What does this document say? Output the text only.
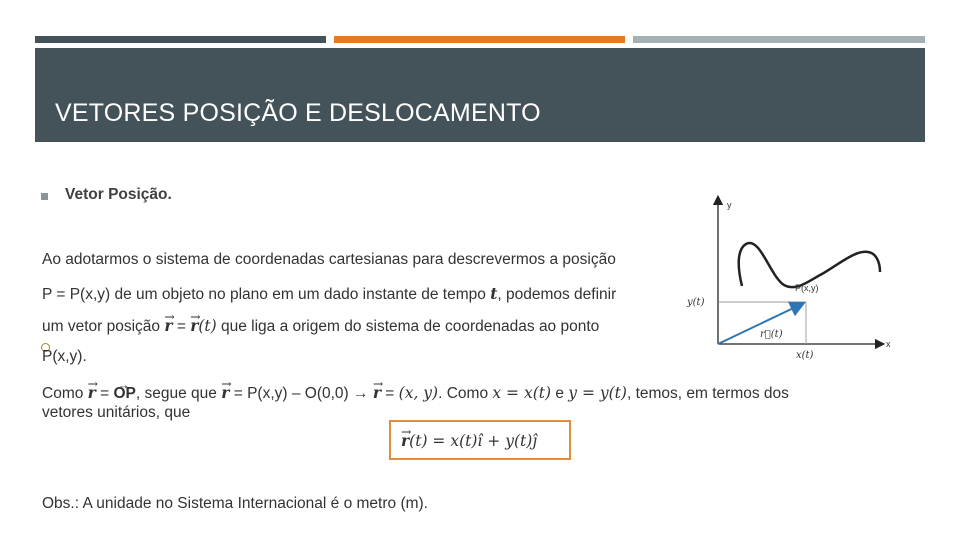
VETORES POSIÇÃO E DESLOCAMENTO
Vetor Posição.
Ao adotarmos o sistema de coordenadas cartesianas para descrevermos a posição
P = P(x,y) de um objeto no plano em um dado instante de tempo t, podemos definir
um vetor posição → r = → r(t) que liga a origem do sistema de coordenadas ao ponto
P(x,y).
Como → r = → OP, segue que → r = P(x,y) – O(0,0) → → r = (x, y). Como x = x(t) e y = y(t), temos, em termos dos
vetores unitários, que
→ r(t) = x(t)î + y(t)ĵ
Obs.: A unidade no Sistema Internacional é o metro (m).
y
x
P(x,y)
y(t)
x(t)
r⃗(t)
